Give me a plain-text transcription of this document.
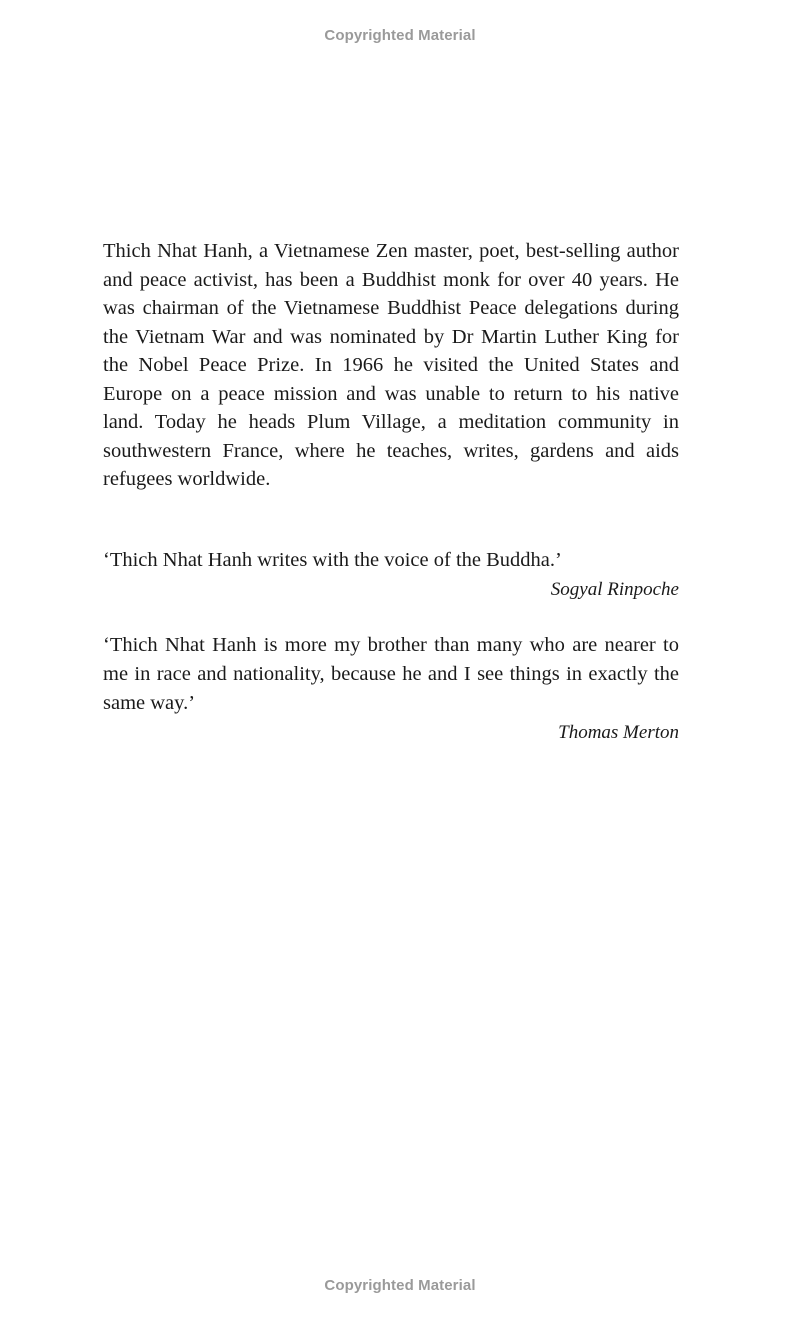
Copyrighted Material

Thich Nhat Hanh, a Vietnamese Zen master, poet, best-selling author and peace activist, has been a Buddhist monk for over 40 years. He was chairman of the Vietnamese Buddhist Peace delegations during the Vietnam War and was nominated by Dr Martin Luther King for the Nobel Peace Prize. In 1966 he visited the United States and Europe on a peace mission and was unable to return to his native land. Today he heads Plum Village, a meditation community in southwestern France, where he teaches, writes, gardens and aids refugees worldwide.

‘Thich Nhat Hanh writes with the voice of the Buddha.’

Sogyal Rinpoche

‘Thich Nhat Hanh is more my brother than many who are nearer to me in race and nationality, because he and I see things in exactly the same way.’

Thomas Merton

Copyrighted Material
